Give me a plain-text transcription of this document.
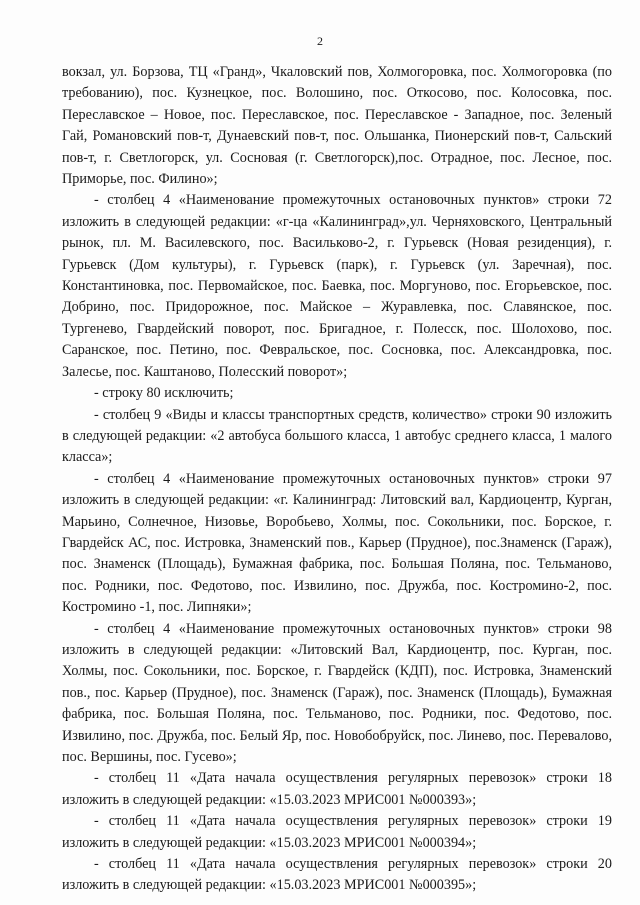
2

вокзал, ул. Борзова, ТЦ «Гранд», Чкаловский пов, Холмогоровка, пос. Холмогоровка (по требованию), пос. Кузнецкое, пос. Волошино, пос. Откосово, пос. Колосовка, пос. Переславское – Новое, пос. Переславское, пос. Переславское - Западное, пос. Зеленый Гай, Романовский пов-т, Дунаевский пов-т, пос. Ольшанка, Пионерский пов-т, Сальский пов-т, г. Светлогорск, ул. Сосновая (г. Светлогорск),пос. Отрадное, пос. Лесное, пос. Приморье, пос. Филино»;

- столбец 4 «Наименование промежуточных остановочных пунктов» строки 72 изложить в следующей редакции: «г-ца «Калининград»,ул. Черняховского, Центральный рынок, пл. М. Василевского, пос. Васильково-2, г. Гурьевск (Новая резиденция), г. Гурьевск (Дом культуры), г. Гурьевск (парк), г. Гурьевск (ул. Заречная), пос. Константиновка, пос. Первомайское, пос. Баевка, пос. Моргуново, пос. Егорьевское, пос. Добрино, пос. Придорожное, пос. Майское – Журавлевка, пос. Славянское, пос. Тургенево, Гвардейский поворот, пос. Бригадное, г. Полесск, пос. Шолохово, пос. Саранское, пос. Петино, пос. Февральское, пос. Сосновка, пос. Александровка, пос. Залесье, пос. Каштаново, Полесский поворот»;

- строку 80 исключить;

- столбец 9 «Виды и классы транспортных средств, количество» строки 90 изложить в следующей редакции: «2 автобуса большого класса, 1 автобус среднего класса, 1 малого класса»;

- столбец 4 «Наименование промежуточных остановочных пунктов» строки 97 изложить в следующей редакции: «г. Калининград: Литовский вал, Кардиоцентр, Курган, Марьино, Солнечное, Низовье, Воробьево, Холмы, пос. Сокольники, пос. Борское, г. Гвардейск АС, пос. Истровка, Знаменский пов., Карьер (Прудное), пос.Знаменск (Гараж), пос. Знаменск (Площадь), Бумажная фабрика, пос. Большая Поляна, пос. Тельманово, пос. Родники, пос. Федотово, пос. Извилино, пос. Дружба, пос. Костромино-2, пос. Костромино -1, пос. Липняки»;

- столбец 4 «Наименование промежуточных остановочных пунктов» строки 98 изложить в следующей редакции: «Литовский Вал, Кардиоцентр, пос. Курган, пос. Холмы, пос. Сокольники, пос. Борское, г. Гвардейск (КДП), пос. Истровка, Знаменский пов., пос. Карьер (Прудное), пос. Знаменск (Гараж), пос. Знаменск (Площадь), Бумажная фабрика, пос. Большая Поляна, пос. Тельманово, пос. Родники, пос. Федотово, пос. Извилино, пос. Дружба, пос. Белый Яр, пос. Новобобруйск, пос. Линево, пос. Перевалово, пос. Вершины, пос. Гусево»;

- столбец 11 «Дата начала осуществления регулярных перевозок» строки 18 изложить в следующей редакции: «15.03.2023 МРИС001 №000393»;

- столбец 11 «Дата начала осуществления регулярных перевозок» строки 19 изложить в следующей редакции: «15.03.2023 МРИС001 №000394»;

- столбец 11 «Дата начала осуществления регулярных перевозок» строки 20 изложить в следующей редакции: «15.03.2023 МРИС001 №000395»;
